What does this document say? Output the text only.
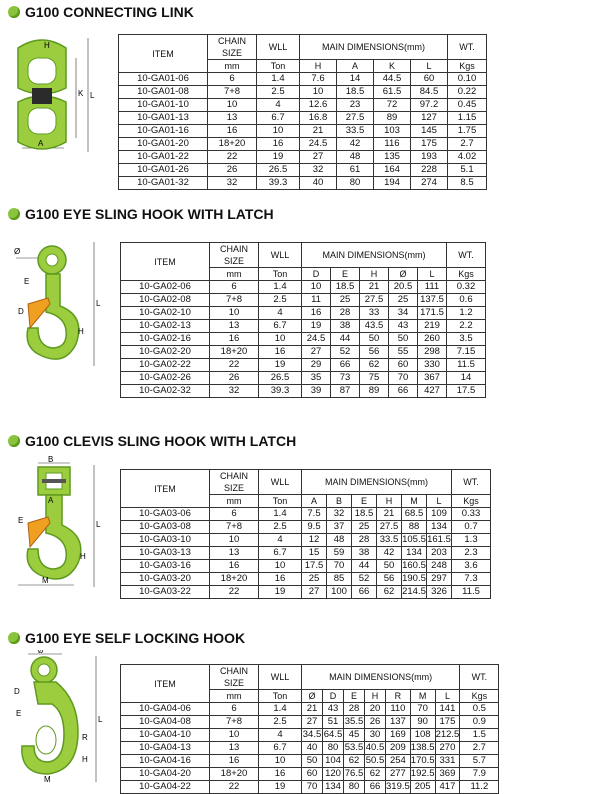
G100 CONNECTING LINK
H
L
K
A
ITEM	CHAIN SIZE	WLL	MAIN DIMENSIONS(mm)				WT.
	mm	Ton	H	A	K	L	Kgs
10-GA01-06	6	1.4	7.6	14	44.5	60	0.10
10-GA01-08	7+8	2.5	10	18.5	61.5	84.5	0.22
10-GA01-10	10	4	12.6	23	72	97.2	0.45
10-GA01-13	13	6.7	16.8	27.5	89	127	1.15
10-GA01-16	16	10	21	33.5	103	145	1.75
10-GA01-20	18+20	16	24.5	42	116	175	2.7
10-GA01-22	22	19	27	48	135	193	4.02
10-GA01-26	26	26.5	32	61	164	228	5.1
10-GA01-32	32	39.3	40	80	194	274	8.5
G100 EYE SLING HOOK WITH LATCH
Ø
E
D
H
L
ITEM	CHAIN SIZE	WLL	MAIN DIMENSIONS(mm)					WT.
	mm	Ton	D	E	H	Ø	L	Kgs
10-GA02-06	6	1.4	10	18.5	21	20.5	111	0.32
10-GA02-08	7+8	2.5	11	25	27.5	25	137.5	0.6
10-GA02-10	10	4	16	28	33	34	171.5	1.2
10-GA02-13	13	6.7	19	38	43.5	43	219	2.2
10-GA02-16	16	10	24.5	44	50	50	260	3.5
10-GA02-20	18+20	16	27	52	56	55	298	7.15
10-GA02-22	22	19	29	66	62	60	330	11.5
10-GA02-26	26	26.5	35	73	75	70	367	14
10-GA02-32	32	39.3	39	87	89	66	427	17.5
G100 CLEVIS SLING HOOK WITH LATCH
B
A
E	L
H
M
ITEM	CHAIN SIZE	WLL	MAIN DIMENSIONS(mm)						WT.
	mm	Ton	A	B	E	H	M	L	Kgs
10-GA03-06	6	1.4	7.5	32	18.5	21	68.5	109	0.33
10-GA03-08	7+8	2.5	9.5	37	25	27.5	88	134	0.7
10-GA03-10	10	4	12	48	28	33.5	105.5	161.5	1.3
10-GA03-13	13	6.7	15	59	38	42	134	203	2.3
10-GA03-16	16	10	17.5	70	44	50	160.5	248	3.6
10-GA03-20	18+20	16	25	85	52	56	190.5	297	7.3
10-GA03-22	22	19	27	100	66	62	214.5	326	11.5
G100 EYE SELF LOCKING HOOK
Ø
D
E
L
R
H
M
ITEM	CHAIN SIZE	WLL	MAIN DIMENSIONS(mm)							WT.
	mm	Ton	Ø	D	E	H	R	M	L	Kgs
10-GA04-06	6	1.4	21	43	28	20	110	70	141	0.5
10-GA04-08	7+8	2.5	27	51	35.5	26	137	90	175	0.9
10-GA04-10	10	4	34.5	64.5	45	30	169	108	212.5	1.5
10-GA04-13	13	6.7	40	80	53.5	40.5	209	138.5	270	2.7
10-GA04-16	16	10	50	104	62	50.5	254	170.5	331	5.7
10-GA04-20	18+20	16	60	120	76.5	62	277	192.5	369	7.9
10-GA04-22	22	19	70	134	80	66	319.5	205	417	11.2
